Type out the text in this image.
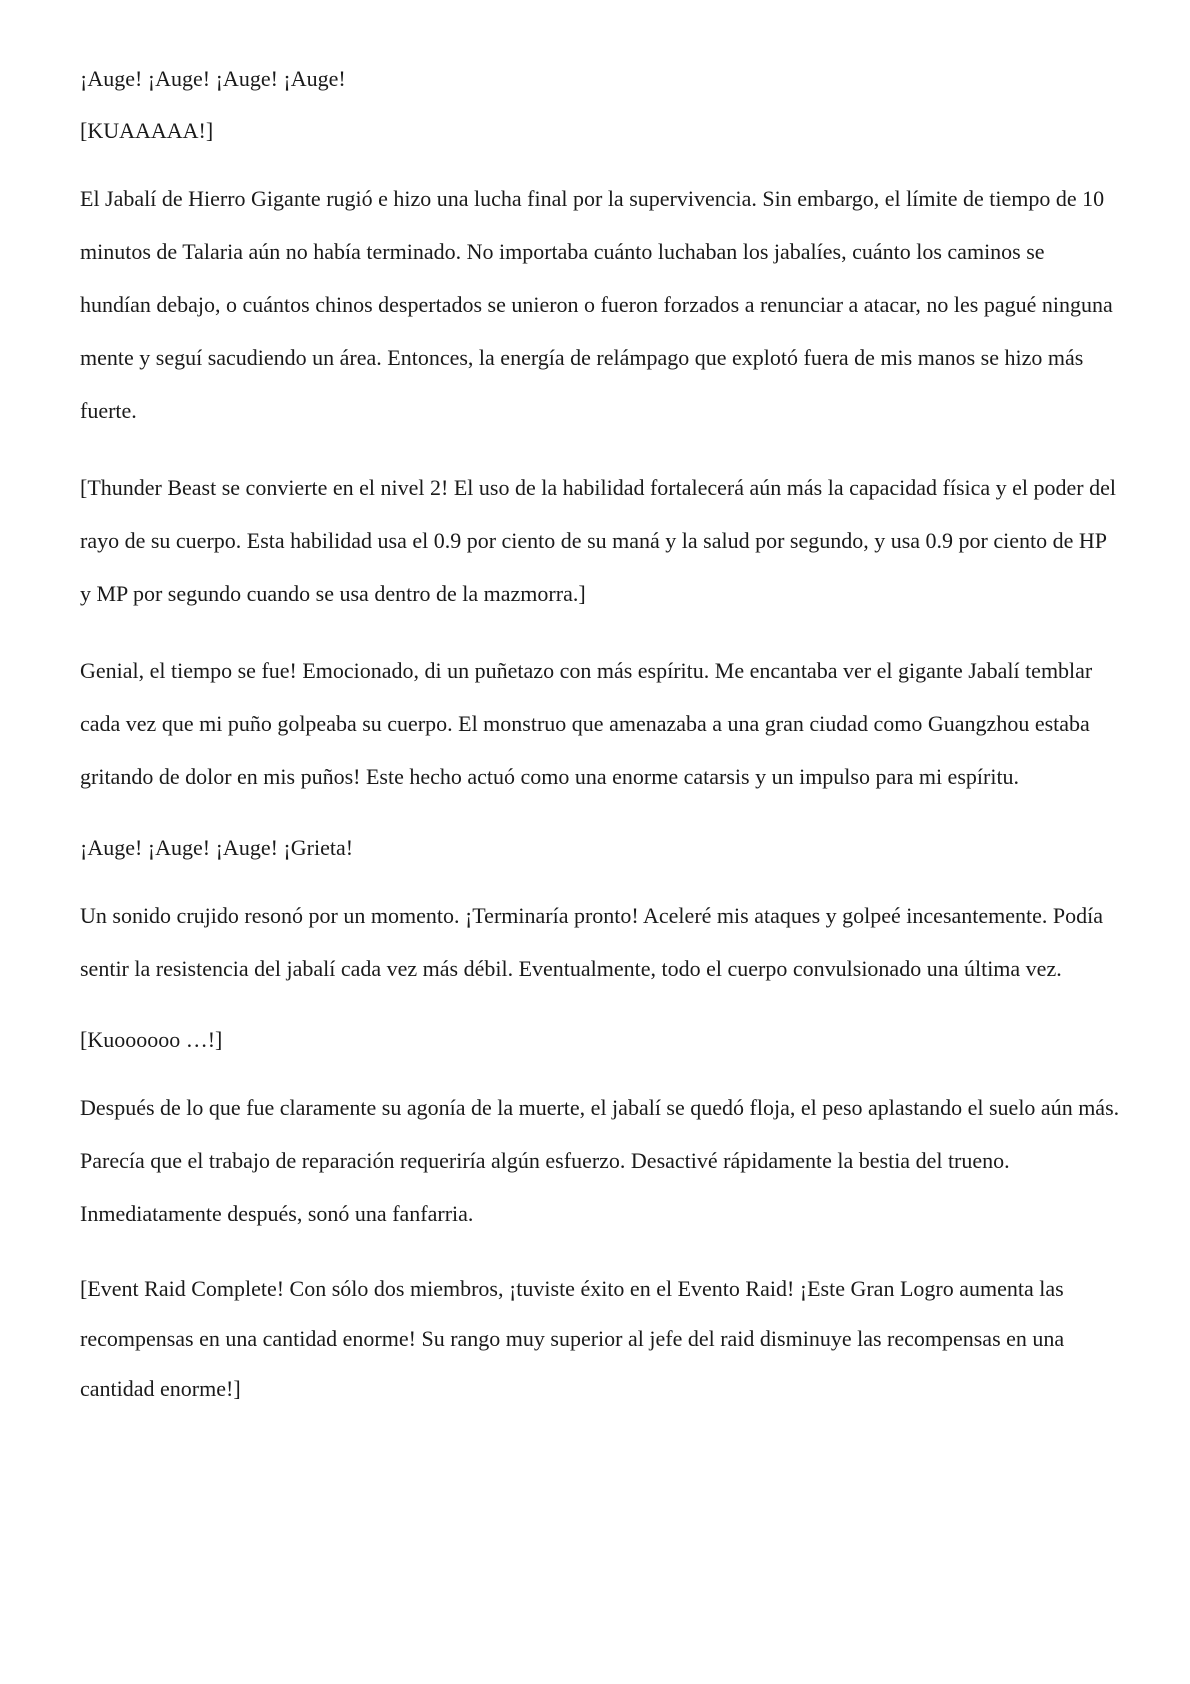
¡Auge! ¡Auge! ¡Auge! ¡Auge!

[KUAAAAA!]

El Jabalí de Hierro Gigante rugió e hizo una lucha final por la supervivencia. Sin embargo, el límite de tiempo de 10 minutos de Talaria aún no había terminado. No importaba cuánto luchaban los jabalíes, cuánto los caminos se hundían debajo, o cuántos chinos despertados se unieron o fueron forzados a renunciar a atacar, no les pagué ninguna mente y seguí sacudiendo un área. Entonces, la energía de relámpago que explotó fuera de mis manos se hizo más fuerte.

[Thunder Beast se convierte en el nivel 2! El uso de la habilidad fortalecerá aún más la capacidad física y el poder del rayo de su cuerpo. Esta habilidad usa el 0.9 por ciento de su maná y la salud por segundo, y usa 0.9 por ciento de HP y MP por segundo cuando se usa dentro de la mazmorra.]

Genial, el tiempo se fue! Emocionado, di un puñetazo con más espíritu. Me encantaba ver el gigante Jabalí temblar cada vez que mi puño golpeaba su cuerpo. El monstruo que amenazaba a una gran ciudad como Guangzhou estaba gritando de dolor en mis puños! Este hecho actuó como una enorme catarsis y un impulso para mi espíritu.

¡Auge! ¡Auge! ¡Auge! ¡Grieta!

Un sonido crujido resonó por un momento. ¡Terminaría pronto! Aceleré mis ataques y golpeé incesantemente. Podía sentir la resistencia del jabalí cada vez más débil. Eventualmente, todo el cuerpo convulsionado una última vez.

[Kuoooooo …!]

Después de lo que fue claramente su agonía de la muerte, el jabalí se quedó floja, el peso aplastando el suelo aún más. Parecía que el trabajo de reparación requeriría algún esfuerzo. Desactivé rápidamente la bestia del trueno. Inmediatamente después, sonó una fanfarria.

[Event Raid Complete! Con sólo dos miembros, ¡tuviste éxito en el Evento Raid! ¡Este Gran Logro aumenta las recompensas en una cantidad enorme! Su rango muy superior al jefe del raid disminuye las recompensas en una cantidad enorme!]
